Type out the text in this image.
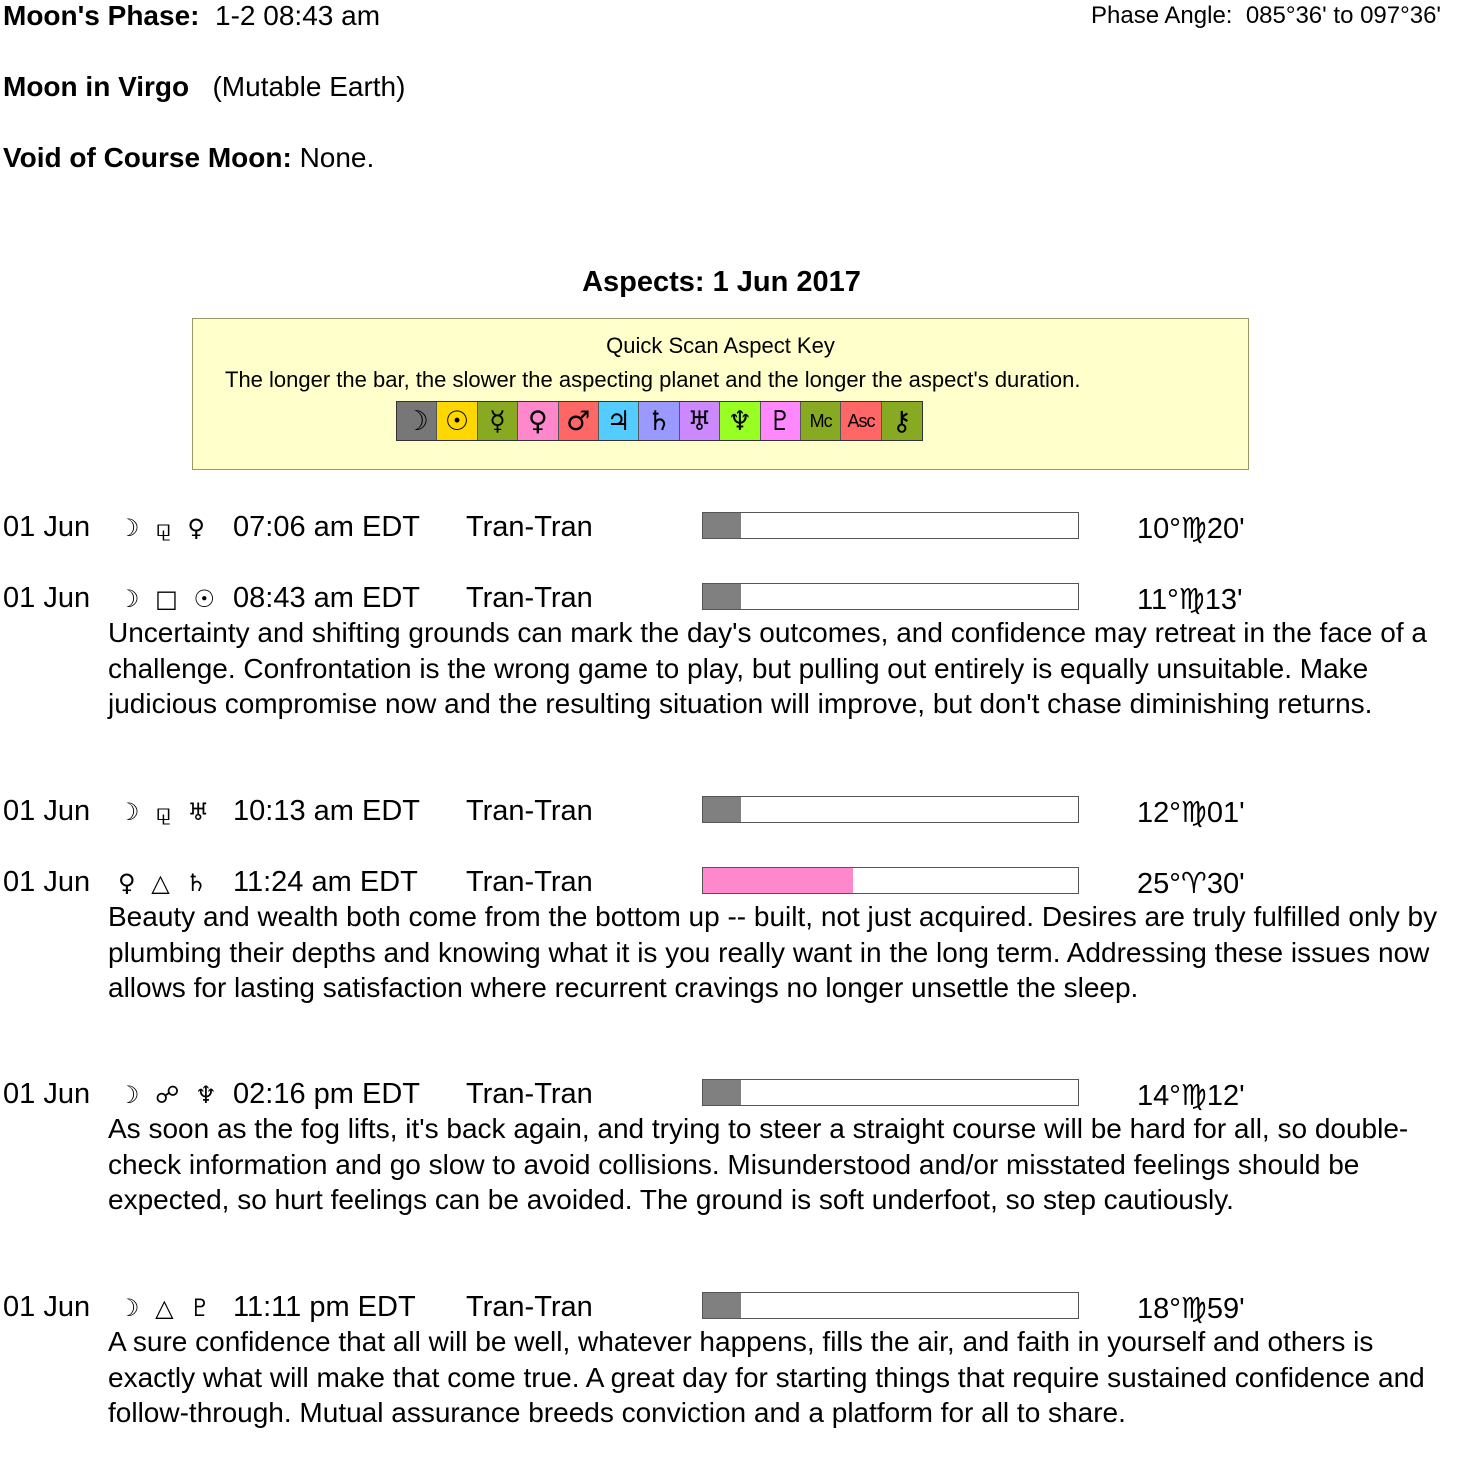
Moon's Phase: 1-2 08:43 am	Phase Angle: 085°36' to 097°36'
Moon in Virgo (Mutable Earth)
Void of Course Moon: None.
Aspects: 1 Jun 2017
Quick Scan Aspect Key
The longer the bar, the slower the aspecting planet and the longer the aspect's duration.
☽ ☉ ☿ ♀ ♂ ♃ ♄ ♅ ♆ ♇ Mc Asc ⚷
01 Jun ☽ ⚼ ♀ 07:06 am EDT Tran-Tran	10°♍20'
01 Jun ☽ □ ☉ 08:43 am EDT Tran-Tran	11°♍13'
Uncertainty and shifting grounds can mark the day's outcomes, and confidence may retreat in the face of a challenge. Confrontation is the wrong game to play, but pulling out entirely is equally unsuitable. Make judicious compromise now and the resulting situation will improve, but don't chase diminishing returns.
01 Jun ☽ ⚼ ♅ 10:13 am EDT Tran-Tran	12°♍01'
01 Jun ♀ △ ♄ 11:24 am EDT Tran-Tran	25°♈30'
Beauty and wealth both come from the bottom up -- built, not just acquired. Desires are truly fulfilled only by plumbing their depths and knowing what it is you really want in the long term. Addressing these issues now allows for lasting satisfaction where recurrent cravings no longer unsettle the sleep.
01 Jun ☽ ☍ ♆ 02:16 pm EDT Tran-Tran	14°♍12'
As soon as the fog lifts, it's back again, and trying to steer a straight course will be hard for all, so double-check information and go slow to avoid collisions. Misunderstood and/or misstated feelings should be expected, so hurt feelings can be avoided. The ground is soft underfoot, so step cautiously.
01 Jun ☽ △ ♇ 11:11 pm EDT Tran-Tran	18°♍59'
A sure confidence that all will be well, whatever happens, fills the air, and faith in yourself and others is exactly what will make that come true. A great day for starting things that require sustained confidence and follow-through. Mutual assurance breeds conviction and a platform for all to share.
